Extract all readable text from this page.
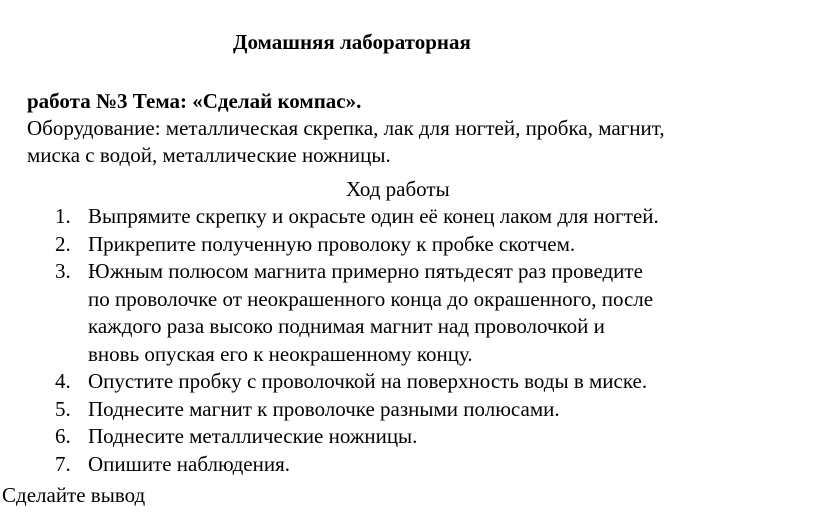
Домашняя лабораторная
работа №3 Тема: «Сделай компас».
Оборудование: металлическая скрепка, лак для ногтей, пробка, магнит,
миска с водой, металлические ножницы.
Ход работы
1. Выпрямите скрепку и окрасьте один её конец лаком для ногтей.
2. Прикрепите полученную проволоку к пробке скотчем.
3. Южным полюсом магнита примерно пятьдесят раз проведите
по проволочке от неокрашенного конца до окрашенного, после
каждого раза высоко поднимая магнит над проволочкой и
вновь опуская его к неокрашенному концу.
4. Опустите пробку с проволочкой на поверхность воды в миске.
5. Поднесите магнит к проволочке разными полюсами.
6. Поднесите металлические ножницы.
7. Опишите наблюдения.
Сделайте вывод
